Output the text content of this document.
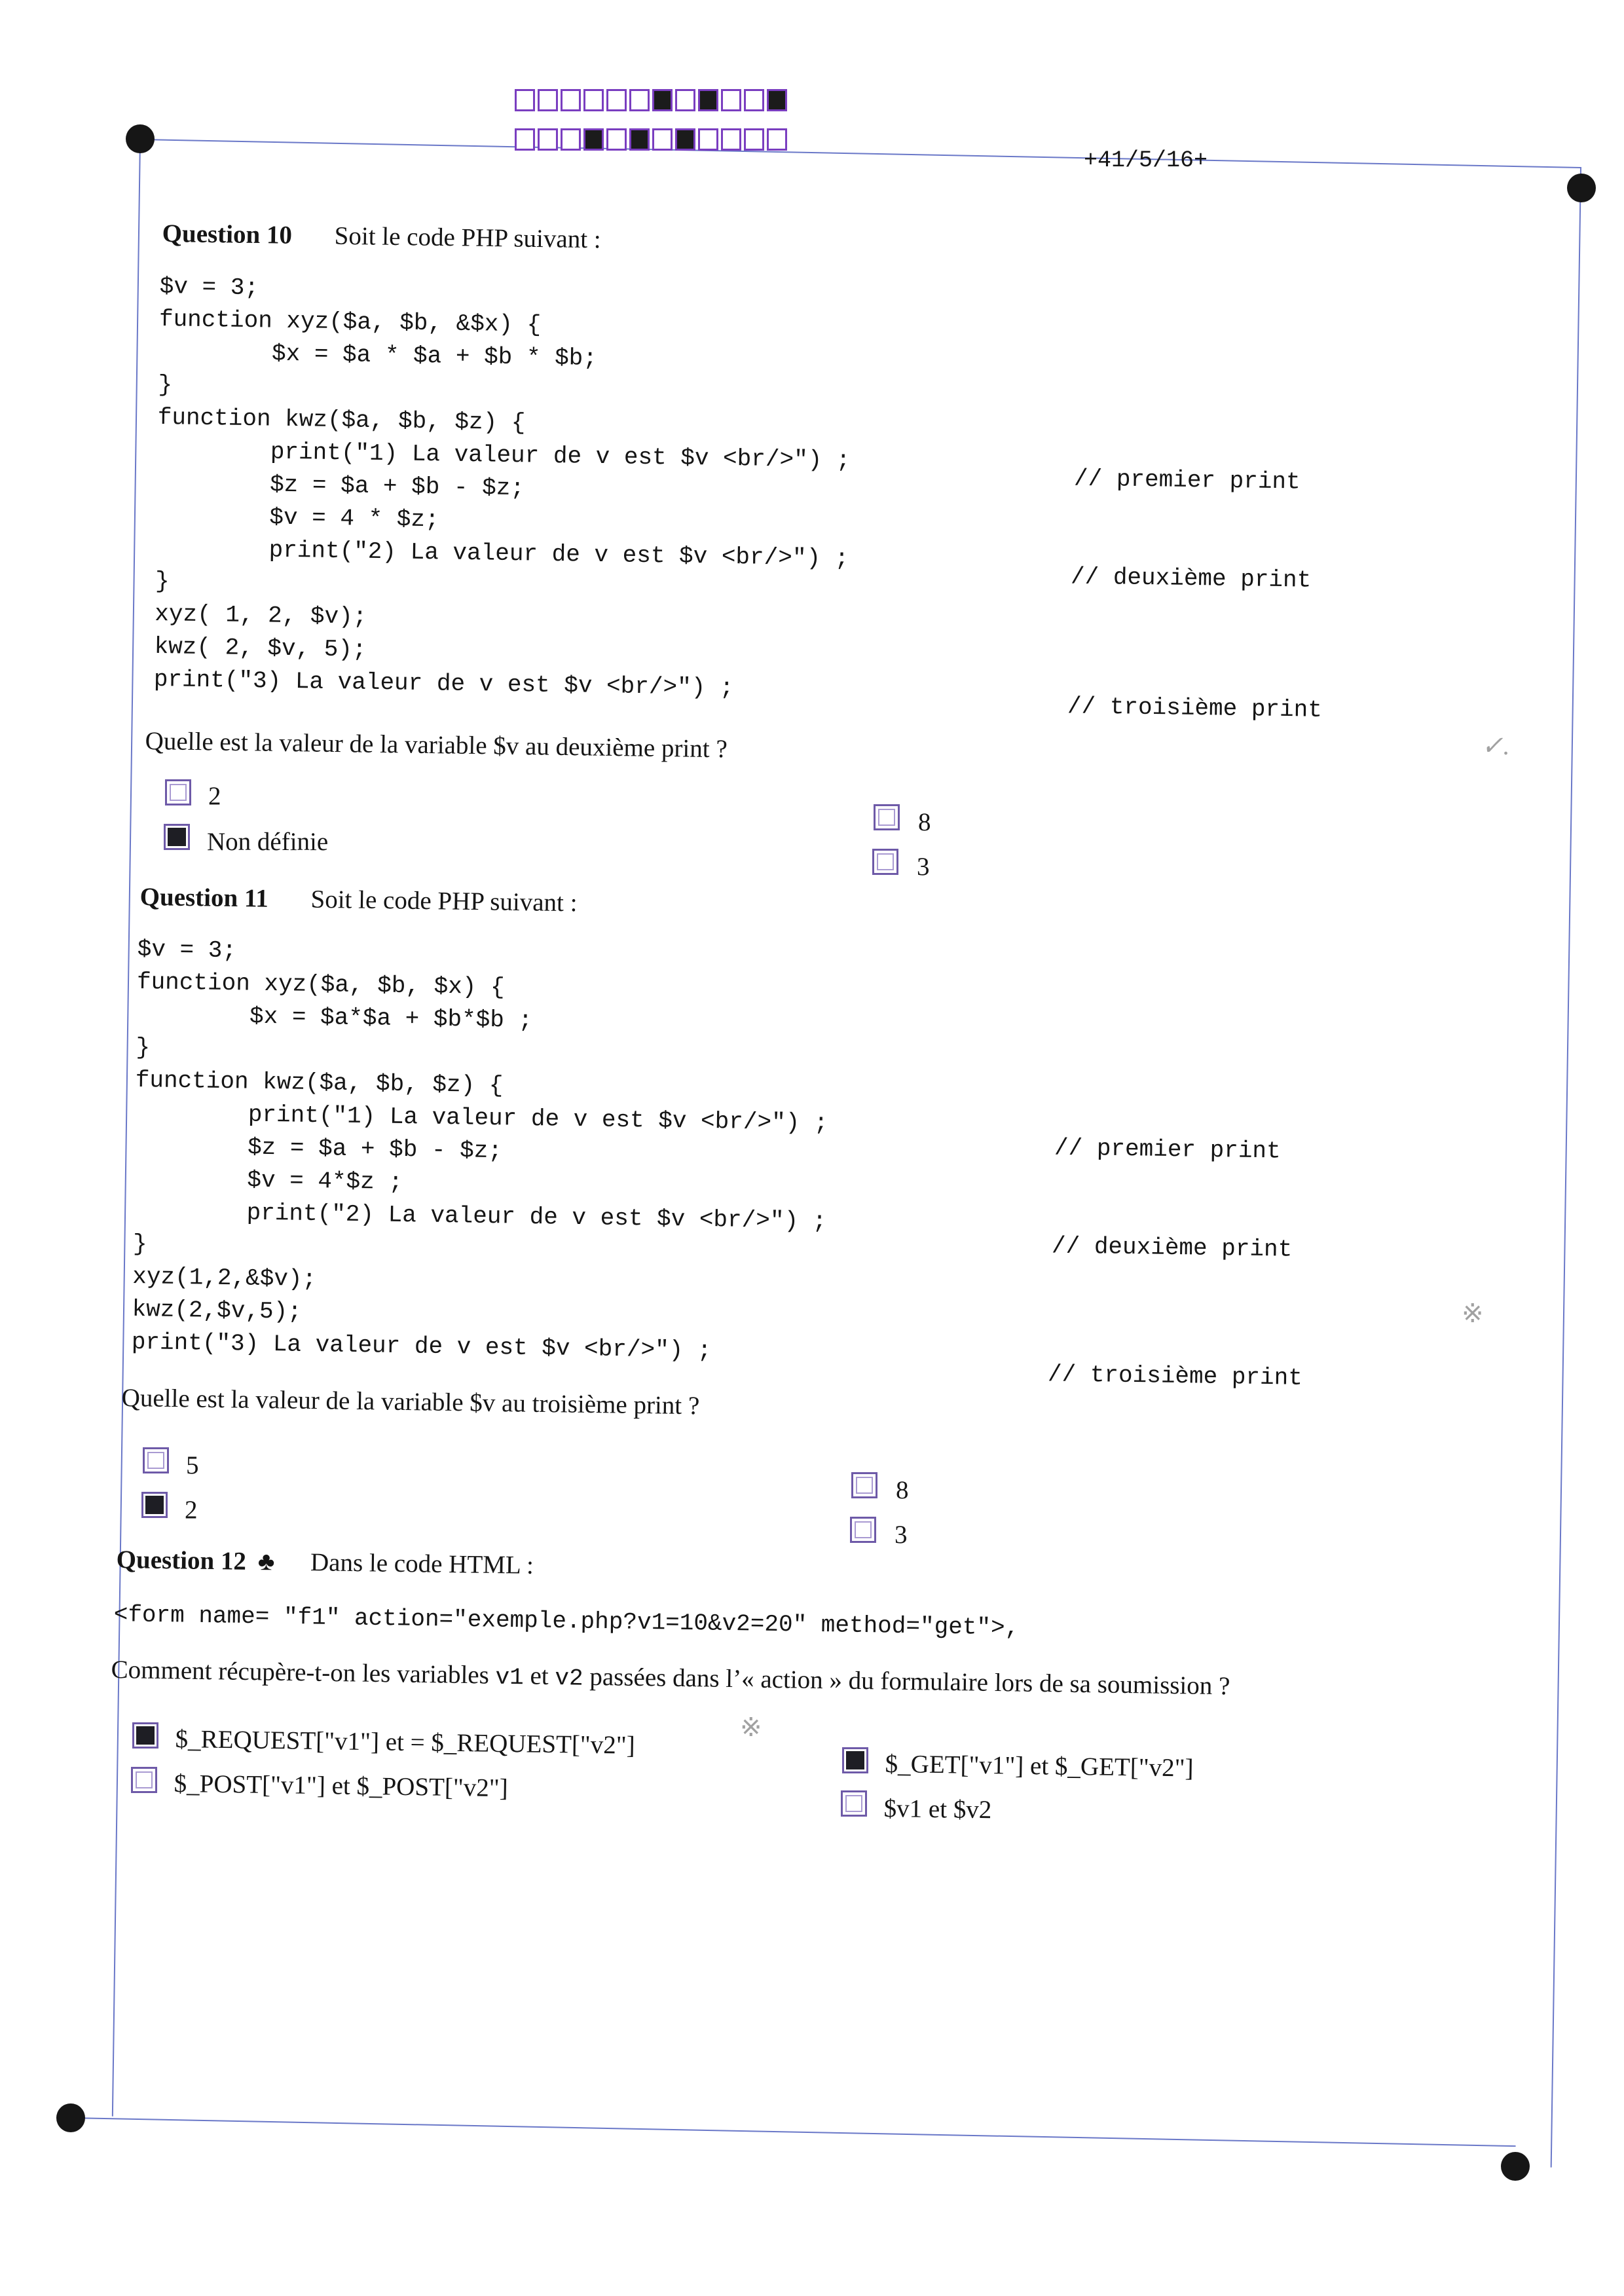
+41/5/16+
✓.
※
※
Question 10 Soit le code PHP suivant :
$v = 3;
function xyz($a, $b, &$x) {
$x = $a * $a + $b * $b;
}
function kwz($a, $b, $z) {
print("1) La valeur de v est $v <br/>") ;
$z = $a + $b - $z;
$v = 4 * $z;
print("2) La valeur de v est $v <br/>") ;
}
xyz( 1, 2, $v);
kwz( 2, $v, 5);
print("3) La valeur de v est $v <br/>") ;
// premier print
// deuxième print
// troisième print
Quelle est la valeur de la variable $v au deuxième print ?
2
Non définie
8
3
Question 11 Soit le code PHP suivant :
$v = 3;
function xyz($a, $b, $x) {
$x = $a*$a + $b*$b ;
}
function kwz($a, $b, $z) {
print("1) La valeur de v est $v <br/>") ;
$z = $a + $b - $z;
$v = 4*$z ;
print("2) La valeur de v est $v <br/>") ;
}
xyz(1,2,&$v);
kwz(2,$v,5);
print("3) La valeur de v est $v <br/>") ;
// premier print
// deuxième print
// troisième print
Quelle est la valeur de la variable $v au troisième print ?
5
2
8
3
Question 12 ♣ Dans le code HTML :
<form name= "f1" action="exemple.php?v1=10&v2=20" method="get">,
Comment récupère-t-on les variables v1 et v2 passées dans l’« action » du formulaire lors de sa soumission ?
$_REQUEST["v1"] et = $_REQUEST["v2"]
$_POST["v1"] et $_POST["v2"]
$_GET["v1"] et $_GET["v2"]
$v1 et $v2
